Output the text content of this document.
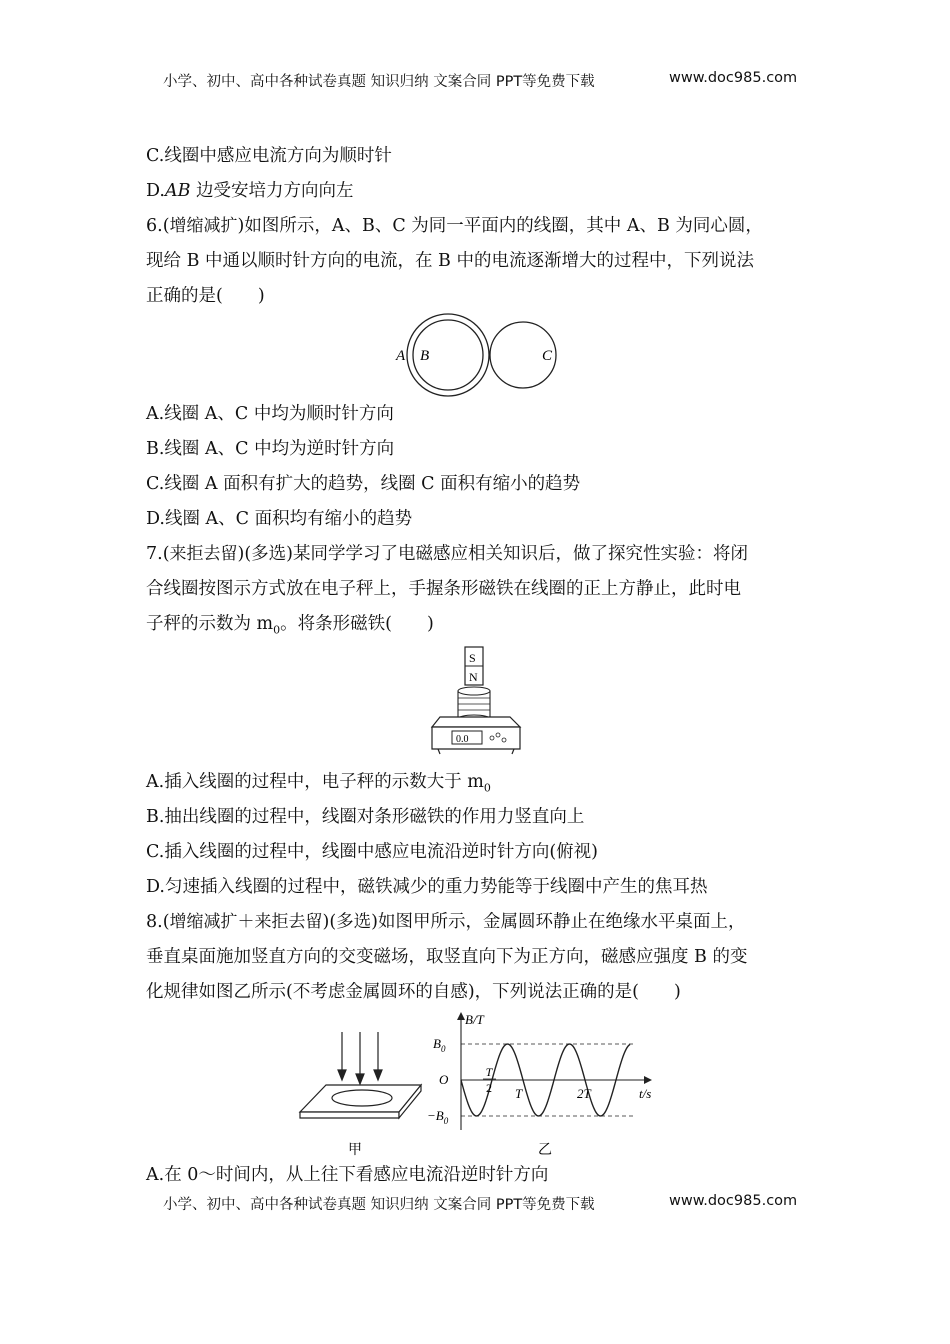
小学、初中、高中各种试卷真题 知识归纳 文案合同 PPT等免费下载	www.doc985.com
C.线圈中感应电流方向为顺时针
D.AB 边受安培力方向向左
6.(增缩减扩)如图所示，A、B、C 为同一平面内的线圈，其中 A、B 为同心圆，
现给 B 中通以顺时针方向的电流，在 B 中的电流逐渐增大的过程中，下列说法
正确的是(　　)
A B	C
A.线圈 A、C 中均为顺时针方向
B.线圈 A、C 中均为逆时针方向
C.线圈 A 面积有扩大的趋势，线圈 C 面积有缩小的趋势
D.线圈 A、C 面积均有缩小的趋势
7.(来拒去留)(多选)某同学学习了电磁感应相关知识后，做了探究性实验：将闭
合线圈按图示方式放在电子秤上，手握条形磁铁在线圈的正上方静止，此时电
子秤的示数为 $m_0$。将条形磁铁(　　)
S
N
0.0
A.插入线圈的过程中，电子秤的示数大于 $m_0$
B.抽出线圈的过程中，线圈对条形磁铁的作用力竖直向上
C.插入线圈的过程中，线圈中感应电流沿逆时针方向(俯视)
D.匀速插入线圈的过程中，磁铁减少的重力势能等于线圈中产生的焦耳热
8.(增缩减扩＋来拒去留)(多选)如图甲所示，金属圆环静止在绝缘水平桌面上，
垂直桌面施加竖直方向的交变磁场，取竖直向下为正方向，磁感应强度 B 的变
化规律如图乙所示(不考虑金属圆环的自感)，下列说法正确的是(　　)
甲
B/T
$B_0$
O
$-B_0$
T
2 T	2T	t/s
乙
A.在 0～时间内，从上往下看感应电流沿逆时针方向
小学、初中、高中各种试卷真题 知识归纳 文案合同 PPT等免费下载	www.doc985.com
